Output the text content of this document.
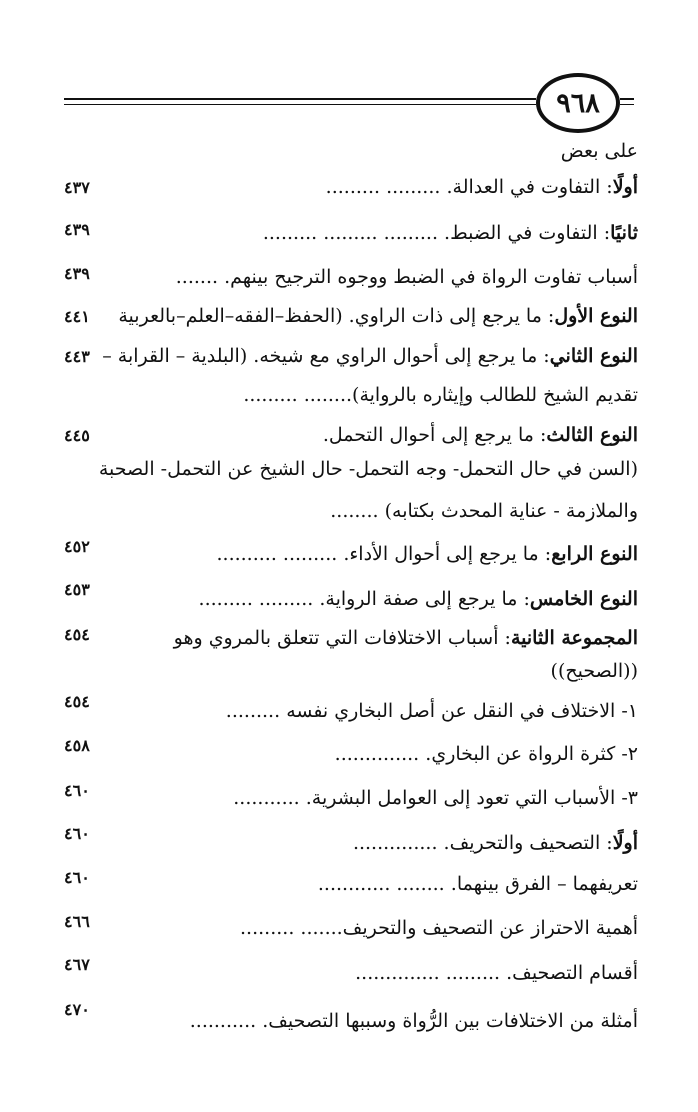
٩٦٨
على بعض
أولًا: التفاوت في العدالة. ......... .........
٤٣٧
ثانيًا: التفاوت في الضبط. ......... ......... .........
٤٣٩
أسباب تفاوت الرواة في الضبط ووجوه الترجيح بينهم. .......
٤٣٩
النوع الأول: ما يرجع إلى ذات الراوي. (الحفظ–الفقه–العلم–بالعربية
٤٤١
النوع الثاني: ما يرجع إلى أحوال الراوي مع شيخه. (البلدية – القرابة –
٤٤٣
تقديم الشيخ للطالب وإيثاره بالرواية)........ .........
النوع الثالث: ما يرجع إلى أحوال التحمل.
٤٤٥
(السن في حال التحمل- وجه التحمل- حال الشيخ عن التحمل- الصحبة
والملازمة - عناية المحدث بكتابه) ........
النوع الرابع: ما يرجع إلى أحوال الأداء. ......... ..........
٤٥٢
النوع الخامس: ما يرجع إلى صفة الرواية. ......... .........
٤٥٣
المجموعة الثانية: أسباب الاختلافات التي تتعلق بالمروي وهو
٤٥٤
((الصحيح))
١- الاختلاف في النقل عن أصل البخاري نفسه .........
٤٥٤
٢- كثرة الرواة عن البخاري. ..............
٤٥٨
٣- الأسباب التي تعود إلى العوامل البشرية. ...........
٤٦٠
أولًا: التصحيف والتحريف. ..............
٤٦٠
تعريفهما – الفرق بينهما. ........ ............
٤٦٠
أهمية الاحتراز عن التصحيف والتحريف....... .........
٤٦٦
أقسام التصحيف. ......... ..............
٤٦٧
أمثلة من الاختلافات بين الرُّواة وسببها التصحيف. ...........
٤٧٠
